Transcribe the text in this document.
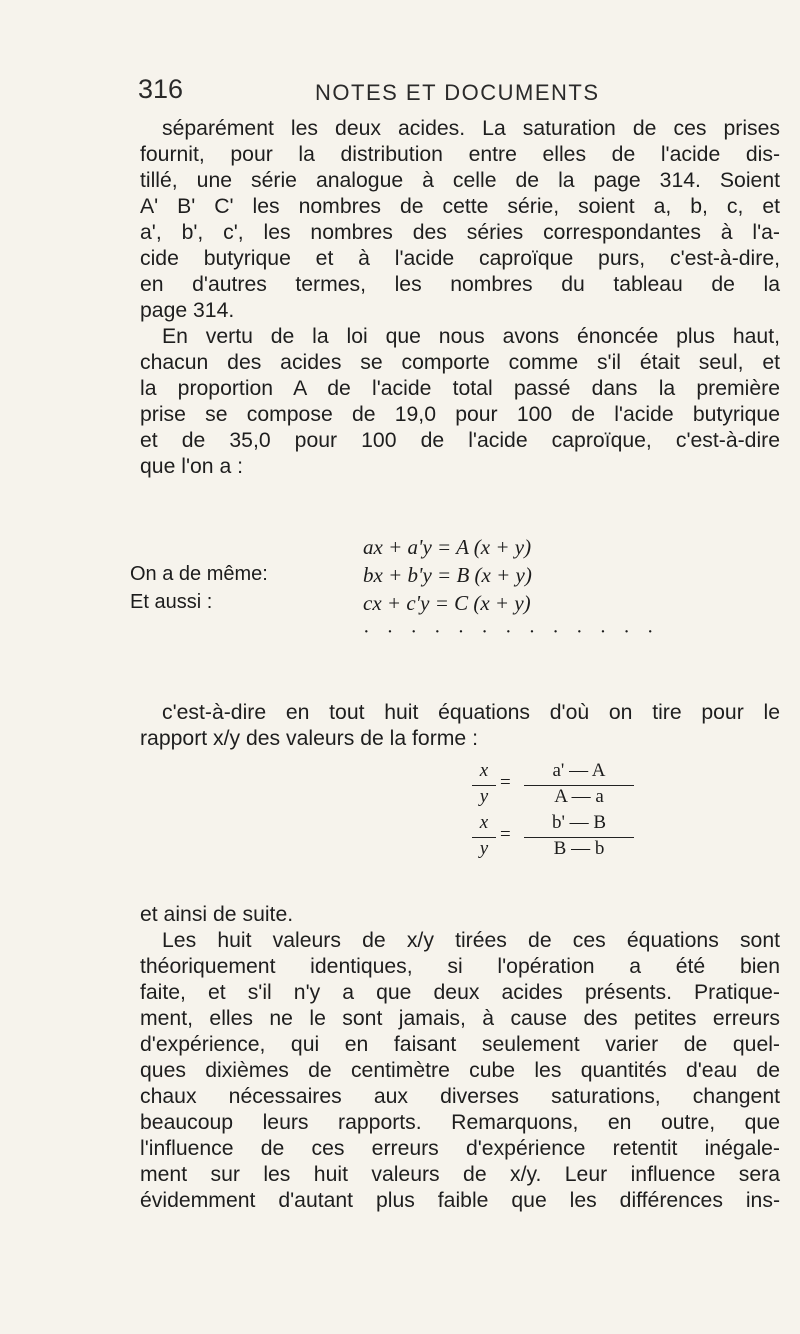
316	NOTES ET DOCUMENTS
séparément les deux acides. La saturation de ces prises
fournit, pour la distribution entre elles de l'acide dis-
tillé, une série analogue à celle de la page 314. Soient
A' B' C' les nombres de cette série, soient a, b, c, et
a', b', c', les nombres des séries correspondantes à l'a-
cide butyrique et à l'acide caproïque purs, c'est-à-dire,
en d'autres termes, les nombres du tableau de la
page 314.
En vertu de la loi que nous avons énoncée plus haut,
chacun des acides se comporte comme s'il était seul, et
la proportion A de l'acide total passé dans la première
prise se compose de 19,0 pour 100 de l'acide butyrique
et de 35,0 pour 100 de l'acide caproïque, c'est-à-dire
que l'on a :
ax + a'y = A (x + y)
On a de même:	bx + b'y = B (x + y)
Et aussi :	cx + c'y = C (x + y)
· · · · · · · · · · · · ·
c'est-à-dire en tout huit équations d'où on tire pour le
rapport x/y des valeurs de la forme :
x
y
=
a' — A
A — a
x
y
=
b' — B
B — b
et ainsi de suite.
Les huit valeurs de x/y tirées de ces équations sont
théoriquement identiques, si l'opération a été bien
faite, et s'il n'y a que deux acides présents. Pratique-
ment, elles ne le sont jamais, à cause des petites erreurs
d'expérience, qui en faisant seulement varier de quel-
ques dixièmes de centimètre cube les quantités d'eau de
chaux nécessaires aux diverses saturations, changent
beaucoup leurs rapports. Remarquons, en outre, que
l'influence de ces erreurs d'expérience retentit inégale-
ment sur les huit valeurs de x/y. Leur influence sera
évidemment d'autant plus faible que les différences ins-
